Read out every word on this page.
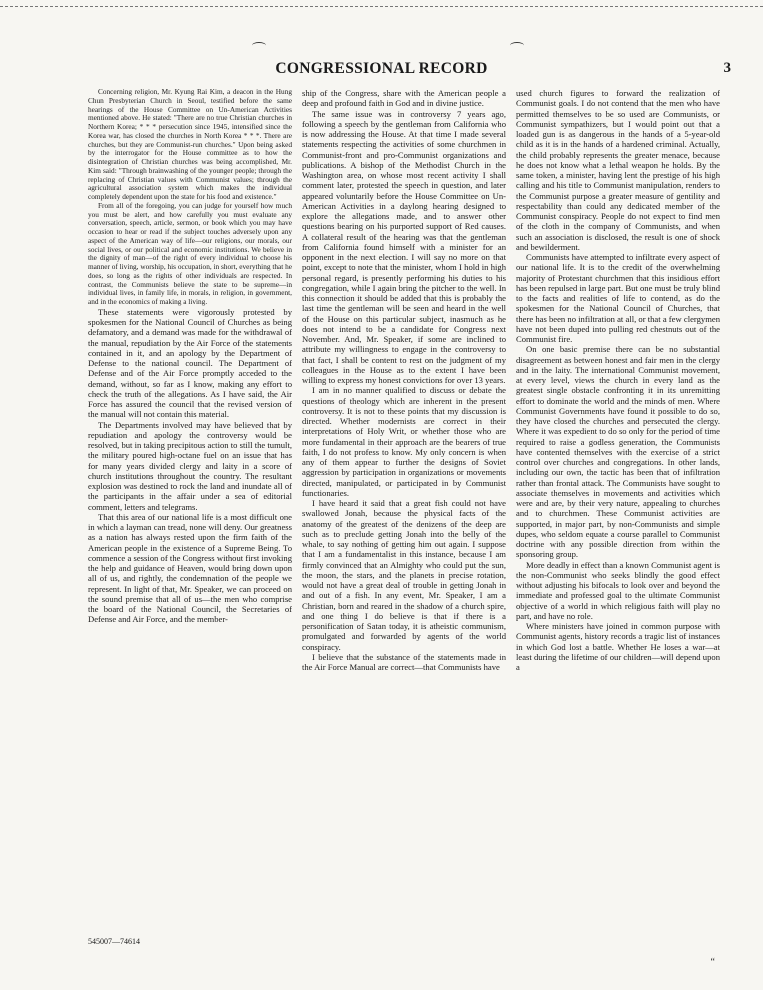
CONGRESSIONAL RECORD	3

Concerning religion, Mr. Kyung Rai Kim, a deacon in the Hung Chun Presbyterian Church in Seoul, testified before the same hearings of the House Committee on Un-American Activities mentioned above. He stated: "There are no true Christian churches in Northern Korea; * * * persecution since 1945, intensified since the Korea war, has closed the churches in North Korea * * *. There are churches, but they are Communist-run churches." Upon being asked by the interrogator for the House committee as to how the disintegration of Christian churches was being accomplished, Mr. Kim said: "Through brainwashing of the younger people; through the replacing of Christian values with Communist values; through the agricultural association system which makes the individual completely dependent upon the state for his food and existence."

From all of the foregoing, you can judge for yourself how much you must be alert, and how carefully you must evaluate any conversation, speech, article, sermon, or book which you may have occasion to hear or read if the subject touches adversely upon any aspect of the American way of life—our religions, our morals, our social lives, or our political and economic institutions. We believe in the dignity of man—of the right of every individual to choose his manner of living, worship, his occupation, in short, everything that he does, so long as the rights of other individuals are respected. In contrast, the Communists believe the state to be supreme—in individual lives, in family life, in morals, in religion, in government, and in the economics of making a living.

These statements were vigorously protested by spokesmen for the National Council of Churches as being defamatory, and a demand was made for the withdrawal of the manual, repudiation by the Air Force of the statements contained in it, and an apology by the Department of Defense to the national council. The Department of Defense and of the Air Force promptly acceded to the demand, without, so far as I know, making any effort to check the truth of the allegations. As I have said, the Air Force has assured the council that the revised version of the manual will not contain this material.

The Departments involved may have believed that by repudiation and apology the controversy would be resolved, but in taking precipitous action to still the tumult, the military poured high-octane fuel on an issue that has for many years divided clergy and laity in a score of church institutions throughout the country. The resultant explosion was destined to rock the land and inundate all of the participants in the affair under a sea of editorial comment, letters and telegrams.

That this area of our national life is a most difficult one in which a layman can tread, none will deny. Our greatness as a nation has always rested upon the firm faith of the American people in the existence of a Supreme Being. To commence a session of the Congress without first invoking the help and guidance of Heaven, would bring down upon all of us, and rightly, the condemnation of the people we represent. In light of that, Mr. Speaker, we can proceed on the sound premise that all of us—the men who comprise the board of the National Council, the Secretaries of Defense and Air Force, and the member-

ship of the Congress, share with the American people a deep and profound faith in God and in divine justice.

The same issue was in controversy 7 years ago, following a speech by the gentleman from California who is now addressing the House. At that time I made several statements respecting the activities of some churchmen in Communist-front and pro-Communist organizations and publications. A bishop of the Methodist Church in the Washington area, on whose most recent activity I shall comment later, protested the speech in question, and later appeared voluntarily before the House Committee on Un-American Activities in a daylong hearing designed to explore the allegations made, and to answer other questions bearing on his purported support of Red causes. A collateral result of the hearing was that the gentleman from California found himself with a minister for an opponent in the next election. I will say no more on that point, except to note that the minister, whom I hold in high personal regard, is presently performing his duties to his congregation, while I again bring the pitcher to the well. In this connection it should be added that this is probably the last time the gentleman will be seen and heard in the well of the House on this particular subject, inasmuch as he does not intend to be a candidate for Congress next November. And, Mr. Speaker, if some are inclined to attribute my willingness to engage in the controversy to that fact, I shall be content to rest on the judgment of my colleagues in the House as to the extent I have been willing to express my honest convictions for over 13 years.

I am in no manner qualified to discuss or debate the questions of theology which are inherent in the present controversy. It is not to these points that my discussion is directed. Whether modernists are correct in their interpretations of Holy Writ, or whether those who are more fundamental in their approach are the bearers of true faith, I do not profess to know. My only concern is when any of them appear to further the designs of Soviet aggression by participation in organizations or movements directed, manipulated, or participated in by Communist functionaries.

I have heard it said that a great fish could not have swallowed Jonah, because the physical facts of the anatomy of the greatest of the denizens of the deep are such as to preclude getting Jonah into the belly of the whale, to say nothing of getting him out again. I suppose that I am a fundamentalist in this instance, because I am firmly convinced that an Almighty who could put the sun, the moon, the stars, and the planets in precise rotation, would not have a great deal of trouble in getting Jonah in and out of a fish. In any event, Mr. Speaker, I am a Christian, born and reared in the shadow of a church spire, and one thing I do believe is that if there is a personification of Satan today, it is atheistic communism, promulgated and forwarded by agents of the world conspiracy.

I believe that the substance of the statements made in the Air Force Manual are correct—that Communists have

used church figures to forward the realization of Communist goals. I do not contend that the men who have permitted themselves to be so used are Communists, or Communist sympathizers, but I would point out that a loaded gun is as dangerous in the hands of a 5-year-old child as it is in the hands of a hardened criminal. Actually, the child probably represents the greater menace, because he does not know what a lethal weapon he holds. By the same token, a minister, having lent the prestige of his high calling and his title to Communist manipulation, renders to the Communist purpose a greater measure of gentility and respectability than could any dedicated member of the Communist conspiracy. People do not expect to find men of the cloth in the company of Communists, and when such an association is disclosed, the result is one of shock and bewilderment.

Communists have attempted to infiltrate every aspect of our national life. It is to the credit of the overwhelming majority of Protestant churchmen that this insidious effort has been repulsed in large part. But one must be truly blind to the facts and realities of life to contend, as do the spokesmen for the National Council of Churches, that there has been no infiltration at all, or that a few clergymen have not been duped into pulling red chestnuts out of the Communist fire.

On one basic premise there can be no substantial disagreement as between honest and fair men in the clergy and in the laity. The international Communist movement, at every level, views the church in every land as the greatest single obstacle confronting it in its unremitting effort to dominate the world and the minds of men. Where Communist Governments have found it possible to do so, they have closed the churches and persecuted the clergy. Where it was expedient to do so only for the period of time required to raise a godless generation, the Communists have contented themselves with the exercise of a strict control over churches and congregations. In other lands, including our own, the tactic has been that of infiltration rather than frontal attack. The Communists have sought to associate themselves in movements and activities which were and are, by their very nature, appealing to churches and to churchmen. These Communist activities are supported, in major part, by non-Communists and simple dupes, who seldom equate a course parallel to Communist doctrine with any possible direction from within the sponsoring group.

More deadly in effect than a known Communist agent is the non-Communist who seeks blindly the good effect without adjusting his bifocals to look over and beyond the immediate and professed goal to the ultimate Communist objective of a world in which religious faith will play no part, and have no role.

Where ministers have joined in common purpose with Communist agents, history records a tragic list of instances in which God lost a battle. Whether He loses a war—at least during the lifetime of our children—will depend upon a

545007—74614
“
